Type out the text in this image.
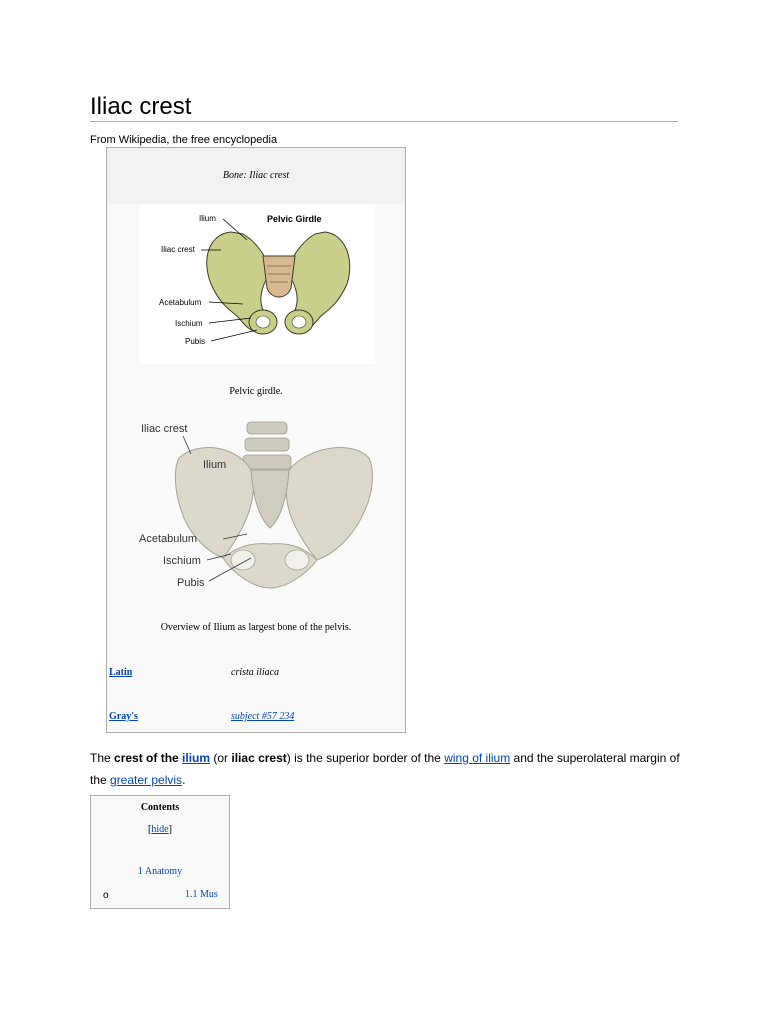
Iliac crest
From Wikipedia, the free encyclopedia
Bone: Iliac crest
Pelvic Girdle
Ilium
Iliac crest
Acetabulum
Ischium
Pubis
Pelvic girdle.
Iliac crest
Ilium
Acetabulum
Ischium
Pubis
Overview of Ilium as largest bone of the pelvis.
Latin	crista iliaca
Gray's	subject #57 234

The crest of the ilium (or iliac crest) is the superior border of the wing of ilium and the superolateral margin of the greater pelvis.

Contents
[hide]
1 Anatomy
o	1.1 Mus
